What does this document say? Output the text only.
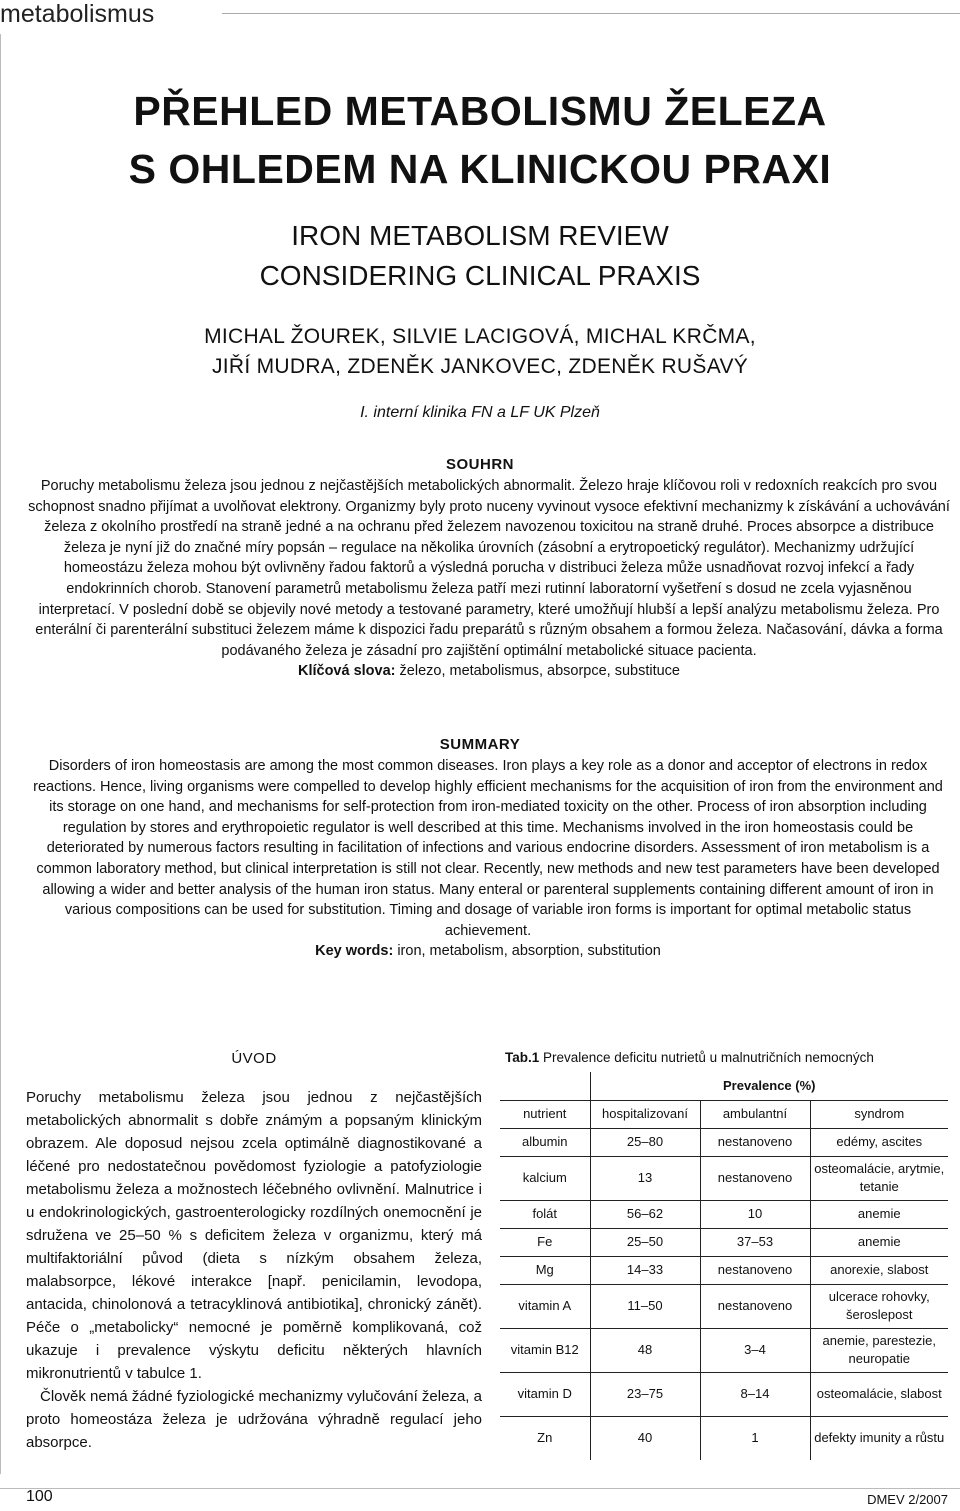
metabolismus
PŘEHLED METABOLISMU ŽELEZA
S OHLEDEM NA KLINICKOU PRAXI
IRON METABOLISM REVIEW
CONSIDERING CLINICAL PRAXIS
MICHAL ŽOUREK, SILVIE LACIGOVÁ, MICHAL KRČMA,
JIŘÍ MUDRA, ZDENĚK JANKOVEC, ZDENĚK RUŠAVÝ
I. interní klinika FN a LF UK Plzeň
SOUHRN
Poruchy metabolismu železa jsou jednou z nejčastějších metabolických abnormalit. Železo hraje klíčovou roli v redoxních reakcích pro svou schopnost snadno přijímat a uvolňovat elektrony. Organizmy byly proto nuceny vyvinout vysoce efektivní mechanizmy k získávání a uchovávání železa z okolního prostředí na straně jedné a na ochranu před železem navozenou toxicitou na straně druhé. Proces absorpce a distribuce železa je nyní již do značné míry popsán – regulace na několika úrovních (zásobní a erytropoetický regulátor). Mechanizmy udržující homeostázu železa mohou být ovlivněny řadou faktorů a výsledná porucha v distribuci železa může usnadňovat rozvoj infekcí a řady endokrinních chorob. Stanovení parametrů metabolismu železa patří mezi rutinní laboratorní vyšetření s dosud ne zcela vyjasněnou interpretací. V poslední době se objevily nové metody a testované parametry, které umožňují hlubší a lepší analýzu metabolismu železa. Pro enterální či parenterální substituci železem máme k dispozici řadu preparátů s různým obsahem a formou železa. Načasování, dávka a forma podávaného železa je zásadní pro zajištění optimální metabolické situace pacienta.
Klíčová slova: železo, metabolismus, absorpce, substituce
SUMMARY
Disorders of iron homeostasis are among the most common diseases. Iron plays a key role as a donor and acceptor of electrons in redox reactions. Hence, living organisms were compelled to develop highly efficient mechanisms for the acquisition of iron from the environment and its storage on one hand, and mechanisms for self-protection from iron-mediated toxicity on the other. Process of iron absorption including regulation by stores and erythropoietic regulator is well described at this time. Mechanisms involved in the iron homeostasis could be deteriorated by numerous factors resulting in facilitation of infections and various endocrine disorders. Assessment of iron metabolism is a common laboratory method, but clinical interpretation is still not clear. Recently, new methods and new test parameters have been developed allowing a wider and better analysis of the human iron status. Many enteral or parenteral supplements containing different amount of iron in various compositions can be used for substitution. Timing and dosage of variable iron forms is important for optimal metabolic status achievement.
Key words: iron, metabolism, absorption, substitution
ÚVOD

Poruchy metabolismu železa jsou jednou z nejčastějších metabolických abnormalit s dobře známým a popsaným klinickým obrazem. Ale doposud nejsou zcela optimálně diagnostikované a léčené pro nedostatečnou povědomost fyziologie a patofyziologie metabolismu železa a možnostech léčebného ovlivnění. Malnutrice i u endokrinologických, gastroenterologicky rozdílných onemocnění je sdružena ve 25–50 % s deficitem železa v organizmu, který má multifaktoriální původ (dieta s nízkým obsahem železa, malabsorpce, lékové interakce [např. penicilamin, levodopa, antacida, chinolonová a tetracyklinová antibiotika], chronický zánět). Péče o „metabolicky“ nemocné je poměrně komplikovaná, což ukazuje i prevalence výskytu deficitu některých hlavních mikronutrientů v tabulce 1.

Člověk nemá žádné fyziologické mechanizmy vylučování železa, a proto homeostáza železa je udržována výhradně regulací jeho absorpce.

Tab.1 Prevalence deficitu nutrietů u malnutričních nemocných
	Prevalence (%)		
nutrient	hospitalizovaní	ambulantní	syndrom
albumin	25–80	nestanoveno	edémy, ascites
kalcium	13	nestanoveno	osteomalácie, arytmie, tetanie
folát	56–62	10	anemie
Fe	25–50	37–53	anemie
Mg	14–33	nestanoveno	anorexie, slabost
vitamin A	11–50	nestanoveno	ulcerace rohovky, šeroslepost
vitamin B12	48	3–4	anemie, parestezie, neuropatie
vitamin D	23–75	8–14	osteomalácie, slabost
Zn	40	1	defekty imunity a růstu
100	DMEV 2/2007
